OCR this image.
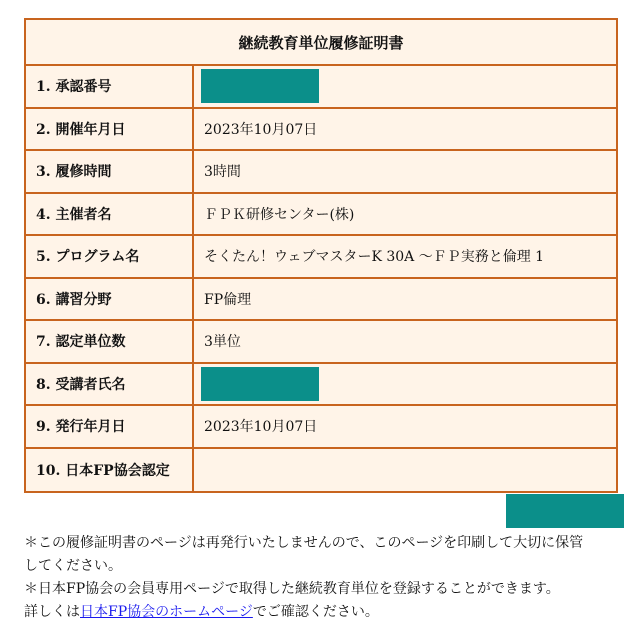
継続教育単位履修証明書
1. 承認番号
2. 開催年月日	2023年10月07日
3. 履修時間	3時間
4. 主催者名	ＦＰＫ研修センター(株)
5. プログラム名	そくたん！ウェブマスターK 30A ～ＦＰ実務と倫理 1
6. 講習分野	FP倫理
7. 認定単位数	3単位
8. 受講者氏名
9. 発行年月日	2023年10月07日
10. 日本FP協会認定

＊この履修証明書のページは再発行いたしませんので、このページを印刷して大切に保管

してください。

＊日本FP協会の会員専用ページで取得した継続教育単位を登録することができます。

詳しくは日本FP協会のホームページでご確認ください。
